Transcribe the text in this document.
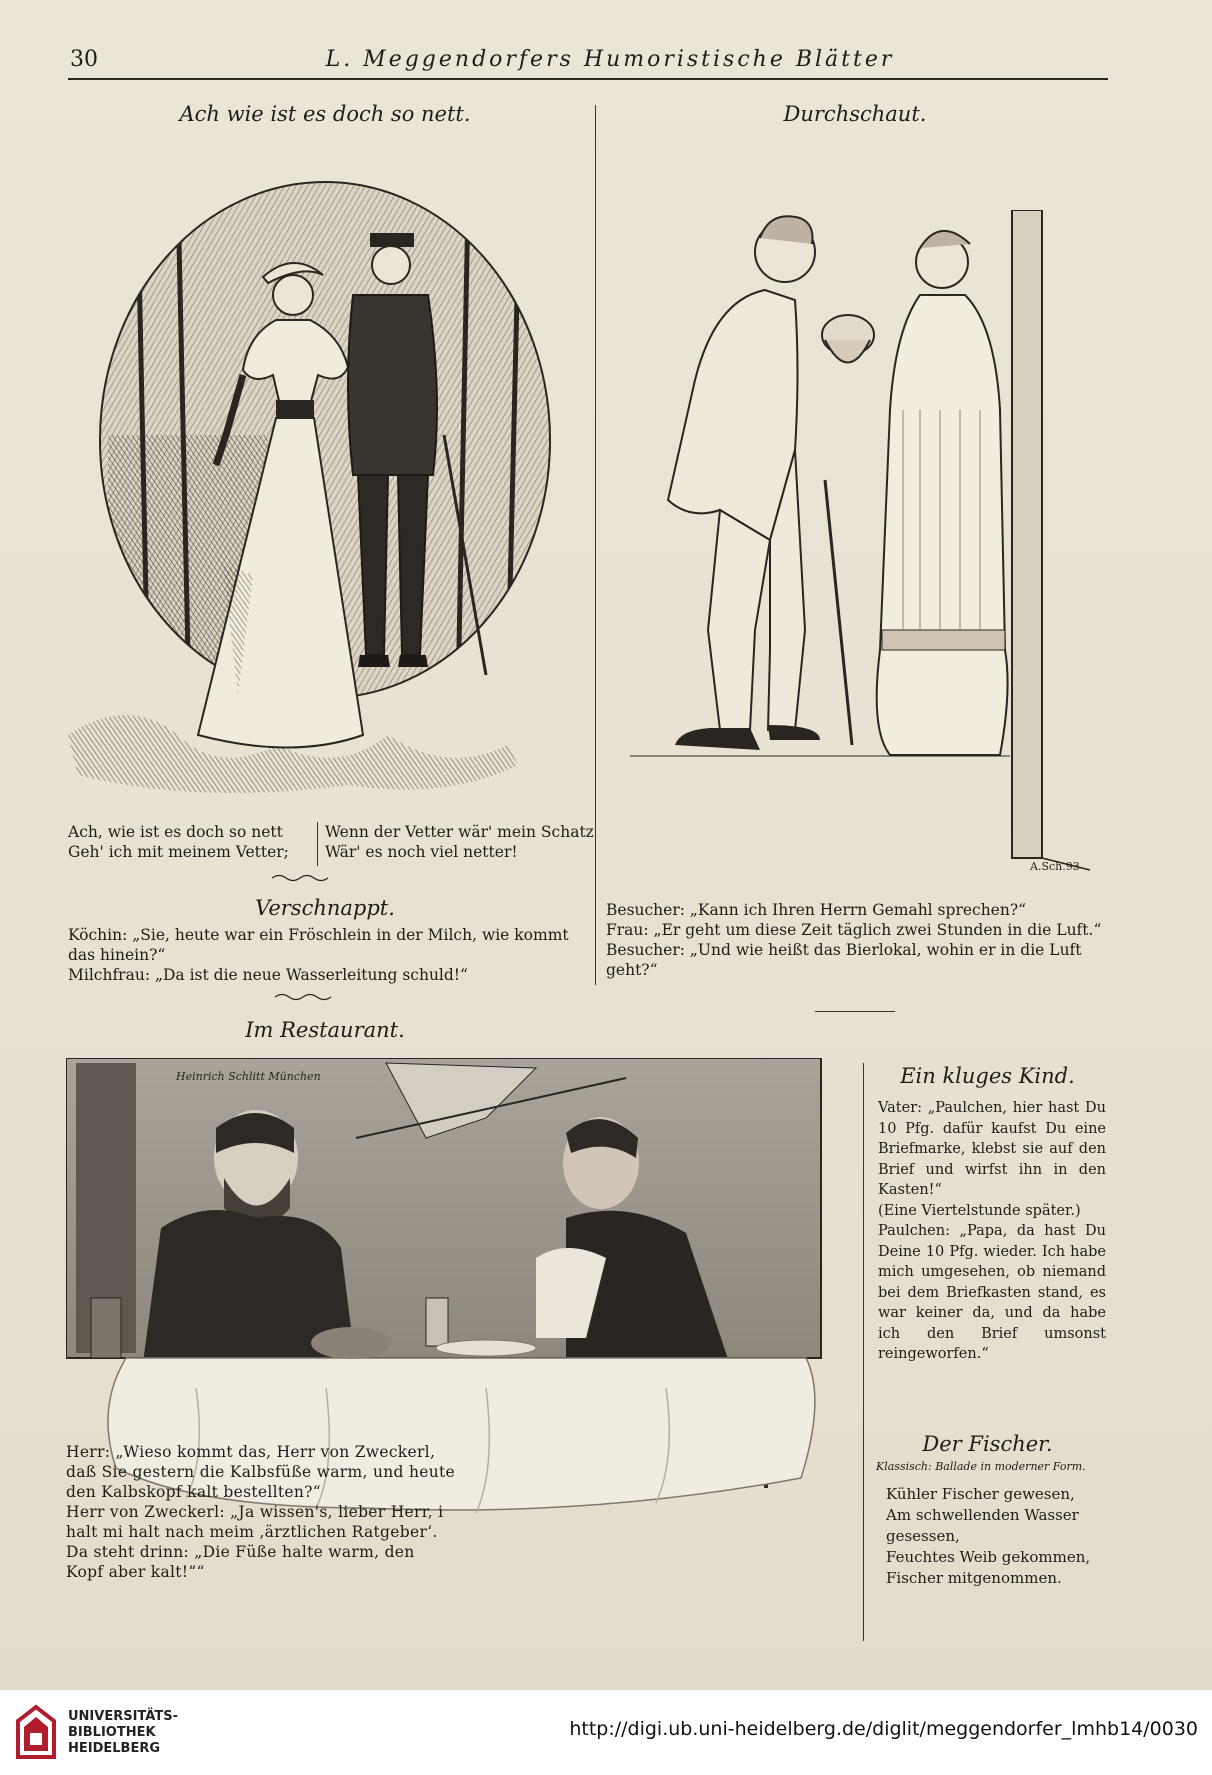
30	L. Meggendorfers Humoristische Blätter
Ach wie ist es doch so nett.

Ach, wie ist es doch so nett

Geh' ich mit meinem Vetter;

Wenn der Vetter wär' mein Schatz

Wär' es noch viel netter!

Verschnappt.

Köchin: „Sie, heute war ein Fröschlein in der Milch, wie kommt das hinein?“

Milchfrau: „Da ist die neue Wasserleitung schuld!“

Durchschaut.
A.Sch.93

Besucher: „Kann ich Ihren Herrn Gemahl sprechen?“

Frau: „Er geht um diese Zeit täglich zwei Stunden in die Luft.“

Besucher: „Und wie heißt das Bierlokal, wohin er in die Luft geht?“

Im Restaurant.
Heinrich Schlitt München

Herr: „Wieso kommt das, Herr von Zweckerl, daß Sie gestern die Kalbsfüße warm, und heute den Kalbskopf kalt bestellten?“

Herr von Zweckerl: „Ja wissen's, lieber Herr, i halt mi halt nach meim ‚ärztlichen Ratgeber‘. Da steht drinn: „Die Füße halte warm, den Kopf aber kalt!““

Ein kluges Kind.

Vater: „Paulchen, hier hast Du 10 Pfg. dafür kaufst Du eine Briefmarke, klebst sie auf den Brief und wirfst ihn in den Kasten!“

(Eine Viertelstunde später.)

Paulchen: „Papa, da hast Du Deine 10 Pfg. wieder. Ich habe mich umgesehen, ob niemand bei dem Briefkasten stand, es war keiner da, und da habe ich den Brief umsonst reingeworfen.“

Der Fischer.
Klassisch: Ballade in moderner Form.

Kühler Fischer gewesen,

Am schwellenden Wasser gesessen,

Feuchtes Weib gekommen,

Fischer mitgenommen.

UNIVERSITÄTS-
BIBLIOTHEK
HEIDELBERG
http://digi.ub.uni-heidelberg.de/diglit/meggendorfer_lmhb14/0030
